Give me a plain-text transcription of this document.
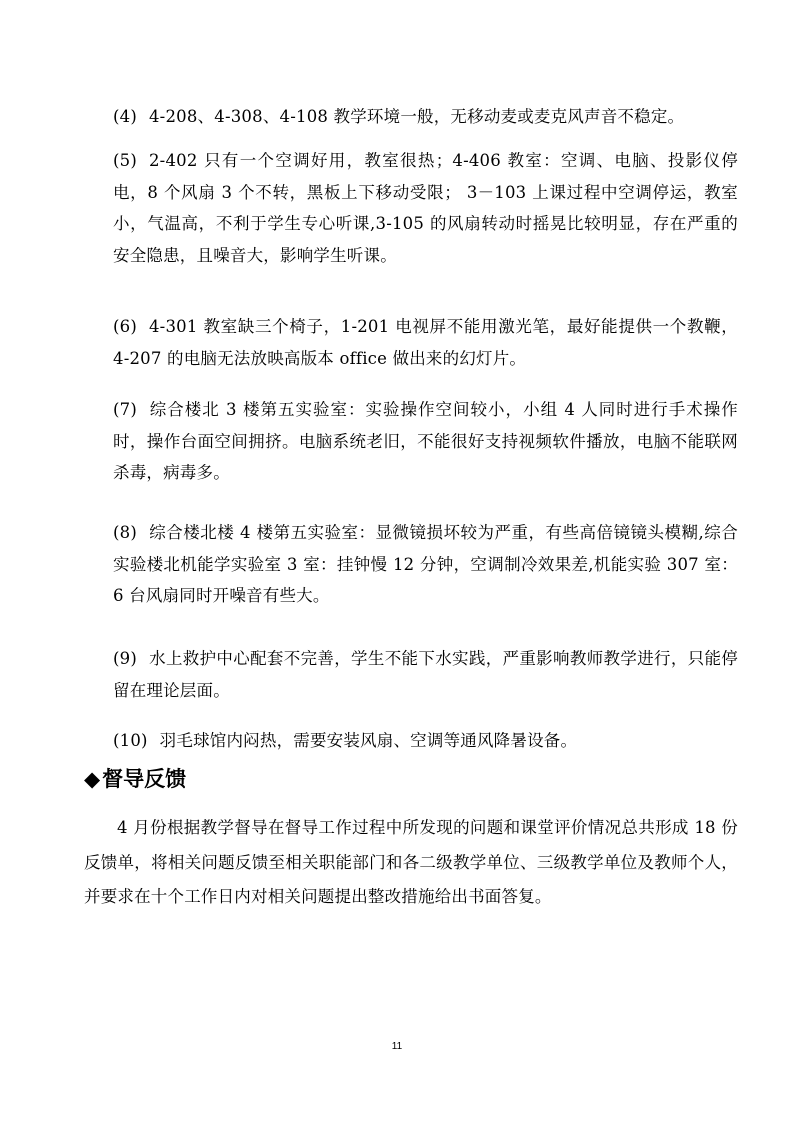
(4) 4-208、4-308、4-108 教学环境一般，无移动麦或麦克风声音不稳定。
(5) 2-402 只有一个空调好用，教室很热；4-406 教室：空调、电脑、投影仪停电，8 个风扇 3 个不转，黑板上下移动受限； 3－103 上课过程中空调停运，教室小，气温高，不利于学生专心听课,3-105 的风扇转动时摇晃比较明显，存在严重的安全隐患，且噪音大，影响学生听课。
(6) 4-301 教室缺三个椅子，1-201 电视屏不能用激光笔，最好能提供一个教鞭，4-207 的电脑无法放映高版本 office 做出来的幻灯片。
(7) 综合楼北 3 楼第五实验室：实验操作空间较小，小组 4 人同时进行手术操作时，操作台面空间拥挤。电脑系统老旧，不能很好支持视频软件播放，电脑不能联网杀毒，病毒多。
(8) 综合楼北楼 4 楼第五实验室：显微镜损坏较为严重，有些高倍镜镜头模糊,综合实验楼北机能学实验室 3 室：挂钟慢 12 分钟，空调制冷效果差,机能实验 307 室：6 台风扇同时开噪音有些大。
(9) 水上救护中心配套不完善，学生不能下水实践，严重影响教师教学进行，只能停留在理论层面。
(10) 羽毛球馆内闷热，需要安装风扇、空调等通风降暑设备。
◆督导反馈
4 月份根据教学督导在督导工作过程中所发现的问题和课堂评价情况总共形成 18 份反馈单，将相关问题反馈至相关职能部门和各二级教学单位、三级教学单位及教师个人，并要求在十个工作日内对相关问题提出整改措施给出书面答复。
11
